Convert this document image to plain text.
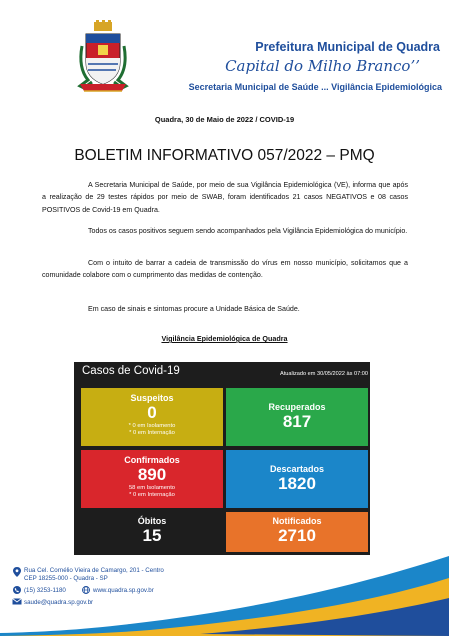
Prefeitura Municipal de Quadra
Capital do Milho Branco’’
Secretaria Municipal de Saúde ... Vigilância Epidemiológica
Quadra, 30 de Maio de 2022 / COVID-19
BOLETIM INFORMATIVO 057/2022 – PMQ
A Secretaria Municipal de Saúde, por meio de sua Vigilância Epidemiológica (VE), informa que após a realização de 29 testes rápidos por meio de SWAB, foram identificados 21 casos NEGATIVOS e 08 casos POSITIVOS de Covid-19 em Quadra.
Todos os casos positivos seguem sendo acompanhados pela Vigilância Epidemiológica do município.
Com o intuito de barrar a cadeia de transmissão do vírus em nosso município, solicitamos que a comunidade colabore com o cumprimento das medidas de contenção.
Em caso de sinais e sintomas procure a Unidade Básica de Saúde.
Vigilância Epidemiológica de Quadra
Casos de Covid-19	Atualizado em 30/05/2022 às 07:00
Suspeitos
0
* 0 em Isolamento
* 0 em Internação
Recuperados
817
Confirmados
890
58 em Isolamento
* 0 em Internação
Descartados
1820
Óbitos
15
Notificados
2710
Rua Cel. Cornélio Vieira de Camargo, 201 - Centro
CEP 18255-000 - Quadra - SP
(15) 3253-1180	www.quadra.sp.gov.br
saude@quadra.sp.gov.br
